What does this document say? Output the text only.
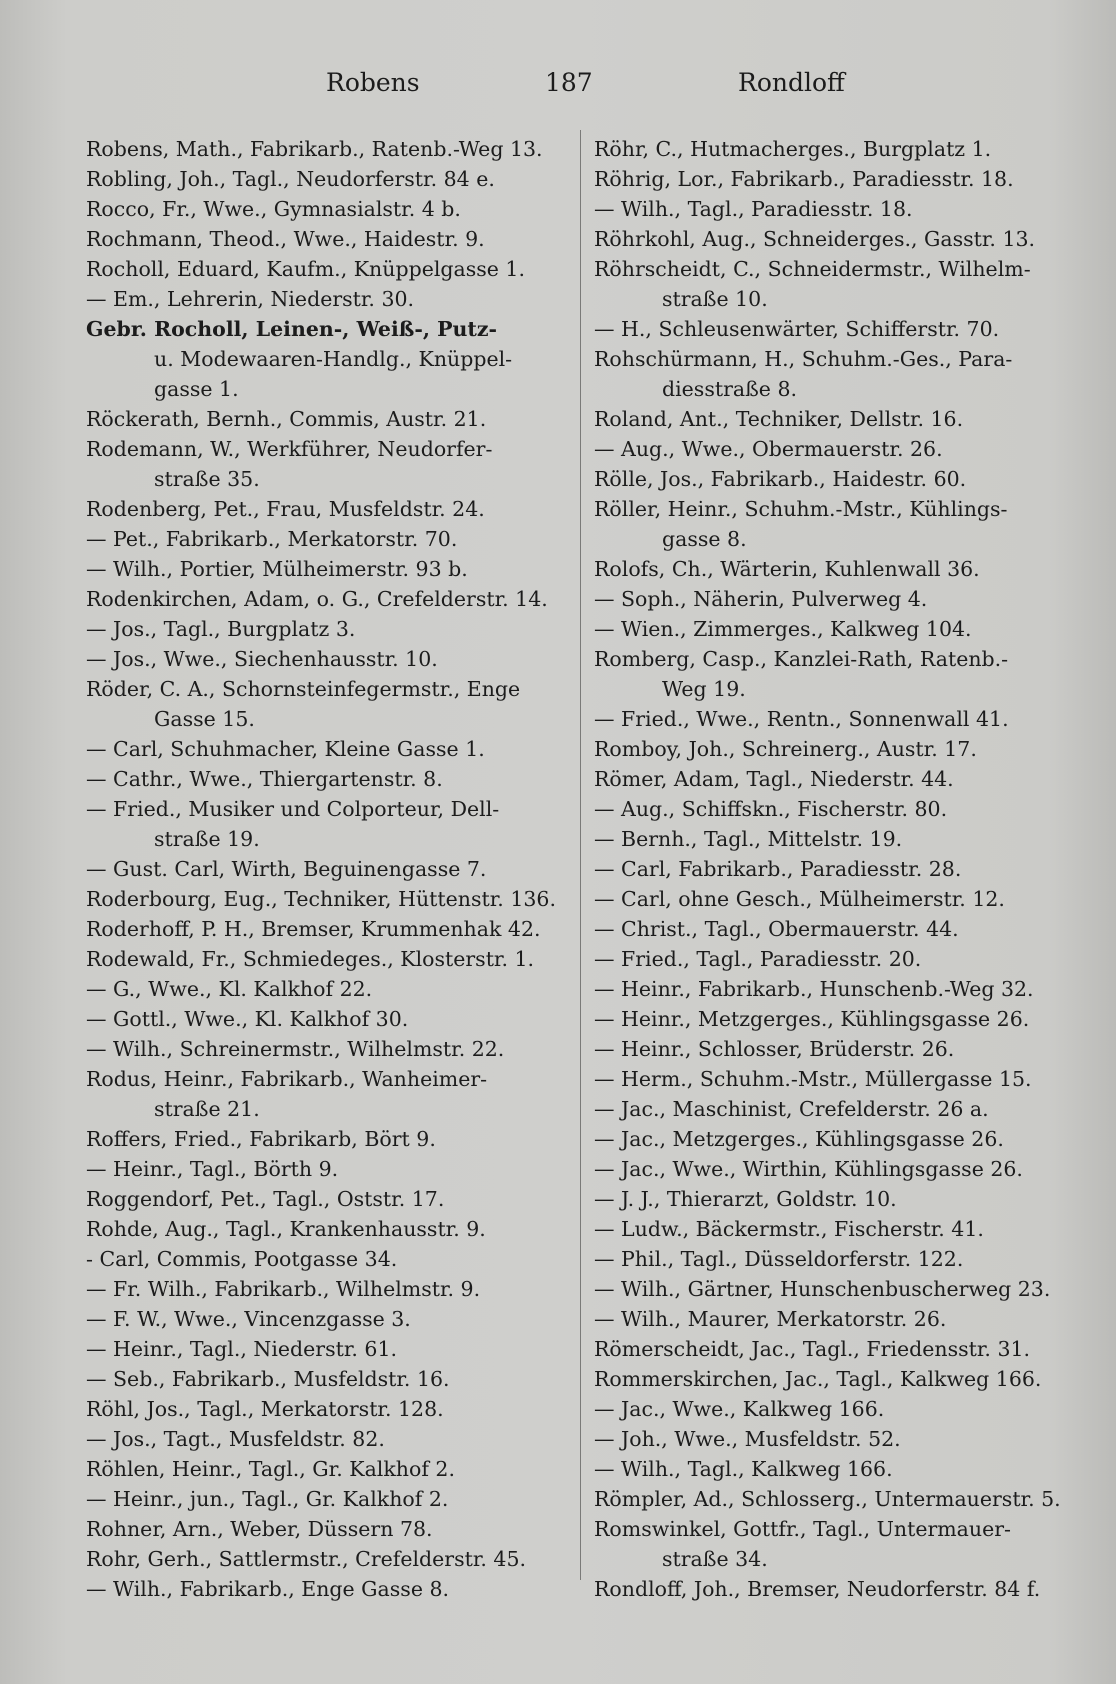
Robens	187	Rondloff
Robens, Math., Fabrikarb., Ratenb.-Weg 13.
Robling, Joh., Tagl., Neudorferstr. 84 e.
Rocco, Fr., Wwe., Gymnasialstr. 4 b.
Rochmann, Theod., Wwe., Haidestr. 9.
Rocholl, Eduard, Kaufm., Knüppelgasse 1.
— Em., Lehrerin, Niederstr. 30.
Gebr. Rocholl, Leinen-, Weiß-, Putz-
u. Modewaaren-Handlg., Knüppel-
gasse 1.
Röckerath, Bernh., Commis, Austr. 21.
Rodemann, W., Werkführer, Neudorfer-
straße 35.
Rodenberg, Pet., Frau, Musfeldstr. 24.
— Pet., Fabrikarb., Merkatorstr. 70.
— Wilh., Portier, Mülheimerstr. 93 b.
Rodenkirchen, Adam, o. G., Crefelderstr. 14.
— Jos., Tagl., Burgplatz 3.
— Jos., Wwe., Siechenhausstr. 10.
Röder, C. A., Schornsteinfegermstr., Enge
Gasse 15.
— Carl, Schuhmacher, Kleine Gasse 1.
— Cathr., Wwe., Thiergartenstr. 8.
— Fried., Musiker und Colporteur, Dell-
straße 19.
— Gust. Carl, Wirth, Beguinengasse 7.
Roderbourg, Eug., Techniker, Hüttenstr. 136.
Roderhoff, P. H., Bremser, Krummenhak 42.
Rodewald, Fr., Schmiedeges., Klosterstr. 1.
— G., Wwe., Kl. Kalkhof 22.
— Gottl., Wwe., Kl. Kalkhof 30.
— Wilh., Schreinermstr., Wilhelmstr. 22.
Rodus, Heinr., Fabrikarb., Wanheimer-
straße 21.
Roffers, Fried., Fabrikarb, Bört 9.
— Heinr., Tagl., Börth 9.
Roggendorf, Pet., Tagl., Oststr. 17.
Rohde, Aug., Tagl., Krankenhausstr. 9.
- Carl, Commis, Pootgasse 34.
— Fr. Wilh., Fabrikarb., Wilhelmstr. 9.
— F. W., Wwe., Vincenzgasse 3.
— Heinr., Tagl., Niederstr. 61.
— Seb., Fabrikarb., Musfeldstr. 16.
Röhl, Jos., Tagl., Merkatorstr. 128.
— Jos., Tagt., Musfeldstr. 82.
Röhlen, Heinr., Tagl., Gr. Kalkhof 2.
— Heinr., jun., Tagl., Gr. Kalkhof 2.
Rohner, Arn., Weber, Düssern 78.
Rohr, Gerh., Sattlermstr., Crefelderstr. 45.
— Wilh., Fabrikarb., Enge Gasse 8.
Röhr, C., Hutmacherges., Burgplatz 1.
Röhrig, Lor., Fabrikarb., Paradiesstr. 18.
— Wilh., Tagl., Paradiesstr. 18.
Röhrkohl, Aug., Schneiderges., Gasstr. 13.
Röhrscheidt, C., Schneidermstr., Wilhelm-
straße 10.
— H., Schleusenwärter, Schifferstr. 70.
Rohschürmann, H., Schuhm.-Ges., Para-
diesstraße 8.
Roland, Ant., Techniker, Dellstr. 16.
— Aug., Wwe., Obermauerstr. 26.
Rölle, Jos., Fabrikarb., Haidestr. 60.
Röller, Heinr., Schuhm.-Mstr., Kühlings-
gasse 8.
Rolofs, Ch., Wärterin, Kuhlenwall 36.
— Soph., Näherin, Pulverweg 4.
— Wien., Zimmerges., Kalkweg 104.
Romberg, Casp., Kanzlei-Rath, Ratenb.-
Weg 19.
— Fried., Wwe., Rentn., Sonnenwall 41.
Romboy, Joh., Schreinerg., Austr. 17.
Römer, Adam, Tagl., Niederstr. 44.
— Aug., Schiffskn., Fischerstr. 80.
— Bernh., Tagl., Mittelstr. 19.
— Carl, Fabrikarb., Paradiesstr. 28.
— Carl, ohne Gesch., Mülheimerstr. 12.
— Christ., Tagl., Obermauerstr. 44.
— Fried., Tagl., Paradiesstr. 20.
— Heinr., Fabrikarb., Hunschenb.-Weg 32.
— Heinr., Metzgerges., Kühlingsgasse 26.
— Heinr., Schlosser, Brüderstr. 26.
— Herm., Schuhm.-Mstr., Müllergasse 15.
— Jac., Maschinist, Crefelderstr. 26 a.
— Jac., Metzgerges., Kühlingsgasse 26.
— Jac., Wwe., Wirthin, Kühlingsgasse 26.
— J. J., Thierarzt, Goldstr. 10.
— Ludw., Bäckermstr., Fischerstr. 41.
— Phil., Tagl., Düsseldorferstr. 122.
— Wilh., Gärtner, Hunschenbuscherweg 23.
— Wilh., Maurer, Merkatorstr. 26.
Römerscheidt, Jac., Tagl., Friedensstr. 31.
Rommerskirchen, Jac., Tagl., Kalkweg 166.
— Jac., Wwe., Kalkweg 166.
— Joh., Wwe., Musfeldstr. 52.
— Wilh., Tagl., Kalkweg 166.
Römpler, Ad., Schlosserg., Untermauerstr. 5.
Romswinkel, Gottfr., Tagl., Untermauer-
straße 34.
Rondloff, Joh., Bremser, Neudorferstr. 84 f.
